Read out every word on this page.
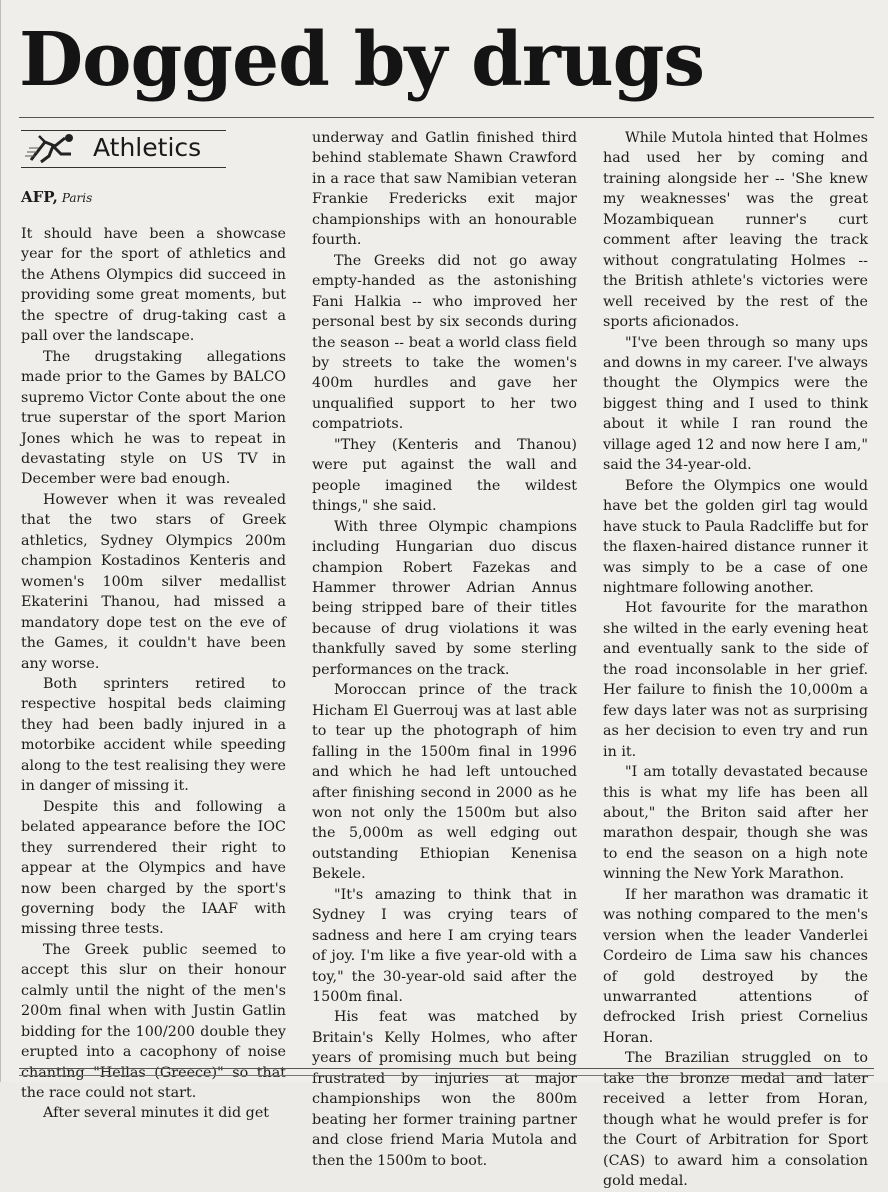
Dogged by drugs
Athletics
AFP, Paris

It should have been a showcase year for the sport of athletics and the Athens Olympics did succeed in providing some great moments, but the spectre of drug-taking cast a pall over the landscape.

The drugstaking allegations made prior to the Games by BALCO supremo Victor Conte about the one true superstar of the sport Marion Jones which he was to repeat in devastating style on US TV in December were bad enough.

However when it was revealed that the two stars of Greek athletics, Sydney Olympics 200m champion Kostadinos Kenteris and women's 100m silver medallist Ekaterini Thanou, had missed a mandatory dope test on the eve of the Games, it couldn't have been any worse.

Both sprinters retired to respective hospital beds claiming they had been badly injured in a motorbike accident while speeding along to the test realising they were in danger of missing it.

Despite this and following a belated appearance before the IOC they surrendered their right to appear at the Olympics and have now been charged by the sport's governing body the IAAF with missing three tests.

The Greek public seemed to accept this slur on their honour calmly until the night of the men's 200m final when with Justin Gatlin bidding for the 100/200 double they erupted into a cacophony of noise chanting "Hellas (Greece)" so that the race could not start.

After several minutes it did get

underway and Gatlin finished third behind stablemate Shawn Crawford in a race that saw Namibian veteran Frankie Fredericks exit major championships with an honourable fourth.

The Greeks did not go away empty-handed as the astonishing Fani Halkia -- who improved her personal best by six seconds during the season -- beat a world class field by streets to take the women's 400m hurdles and gave her unqualified support to her two compatriots.

"They (Kenteris and Thanou) were put against the wall and people imagined the wildest things," she said.

With three Olympic champions including Hungarian duo discus champion Robert Fazekas and Hammer thrower Adrian Annus being stripped bare of their titles because of drug violations it was thankfully saved by some sterling performances on the track.

Moroccan prince of the track Hicham El Guerrouj was at last able to tear up the photograph of him falling in the 1500m final in 1996 and which he had left untouched after finishing second in 2000 as he won not only the 1500m but also the 5,000m as well edging out outstanding Ethiopian Kenenisa Bekele.

"It's amazing to think that in Sydney I was crying tears of sadness and here I am crying tears of joy. I'm like a five year-old with a toy," the 30-year-old said after the 1500m final.

His feat was matched by Britain's Kelly Holmes, who after years of promising much but being frustrated by injuries at major championships won the 800m beating her former training partner and close friend Maria Mutola and then the 1500m to boot.

While Mutola hinted that Holmes had used her by coming and training alongside her -- 'She knew my weaknesses' was the great Mozambiquean runner's curt comment after leaving the track without congratulating Holmes -- the British athlete's victories were well received by the rest of the sports aficionados.

"I've been through so many ups and downs in my career. I've always thought the Olympics were the biggest thing and I used to think about it while I ran round the village aged 12 and now here I am," said the 34-year-old.

Before the Olympics one would have bet the golden girl tag would have stuck to Paula Radcliffe but for the flaxen-haired distance runner it was simply to be a case of one nightmare following another.

Hot favourite for the marathon she wilted in the early evening heat and eventually sank to the side of the road inconsolable in her grief. Her failure to finish the 10,000m a few days later was not as surprising as her decision to even try and run in it.

"I am totally devastated because this is what my life has been all about," the Briton said after her marathon despair, though she was to end the season on a high note winning the New York Marathon.

If her marathon was dramatic it was nothing compared to the men's version when the leader Vanderlei Cordeiro de Lima saw his chances of gold destroyed by the unwarranted attentions of defrocked Irish priest Cornelius Horan.

The Brazilian struggled on to take the bronze medal and later received a letter from Horan, though what he would prefer is for the Court of Arbitration for Sport (CAS) to award him a consolation gold medal.
